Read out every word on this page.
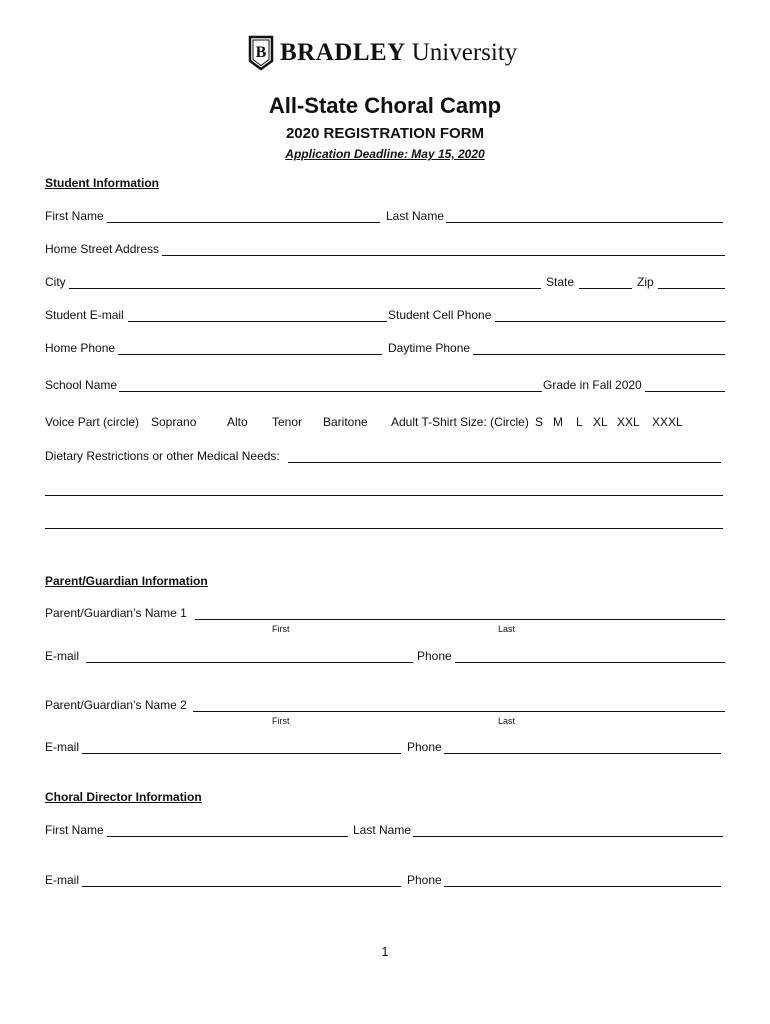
B BRADLEY University
All-State Choral Camp
2020 REGISTRATION FORM
Application Deadline: May 15, 2020
Student Information
First Name	Last Name
Home Street Address
City	State	Zip
Student E-mail	Student Cell Phone
Home Phone	Daytime Phone
School Name	Grade in Fall 2020
Voice Part (circle) Soprano	Alto Tenor Baritone Adult T-Shirt Size: (Circle) S M L XL XXL XXXL
Dietary Restrictions or other Medical Needs:
Parent/Guardian Information
Parent/Guardian’s Name 1
First	Last
E-mail	Phone
Parent/Guardian’s Name 2
First	Last
E-mail	Phone
Choral Director Information
First Name	Last Name
E-mail	Phone
1
